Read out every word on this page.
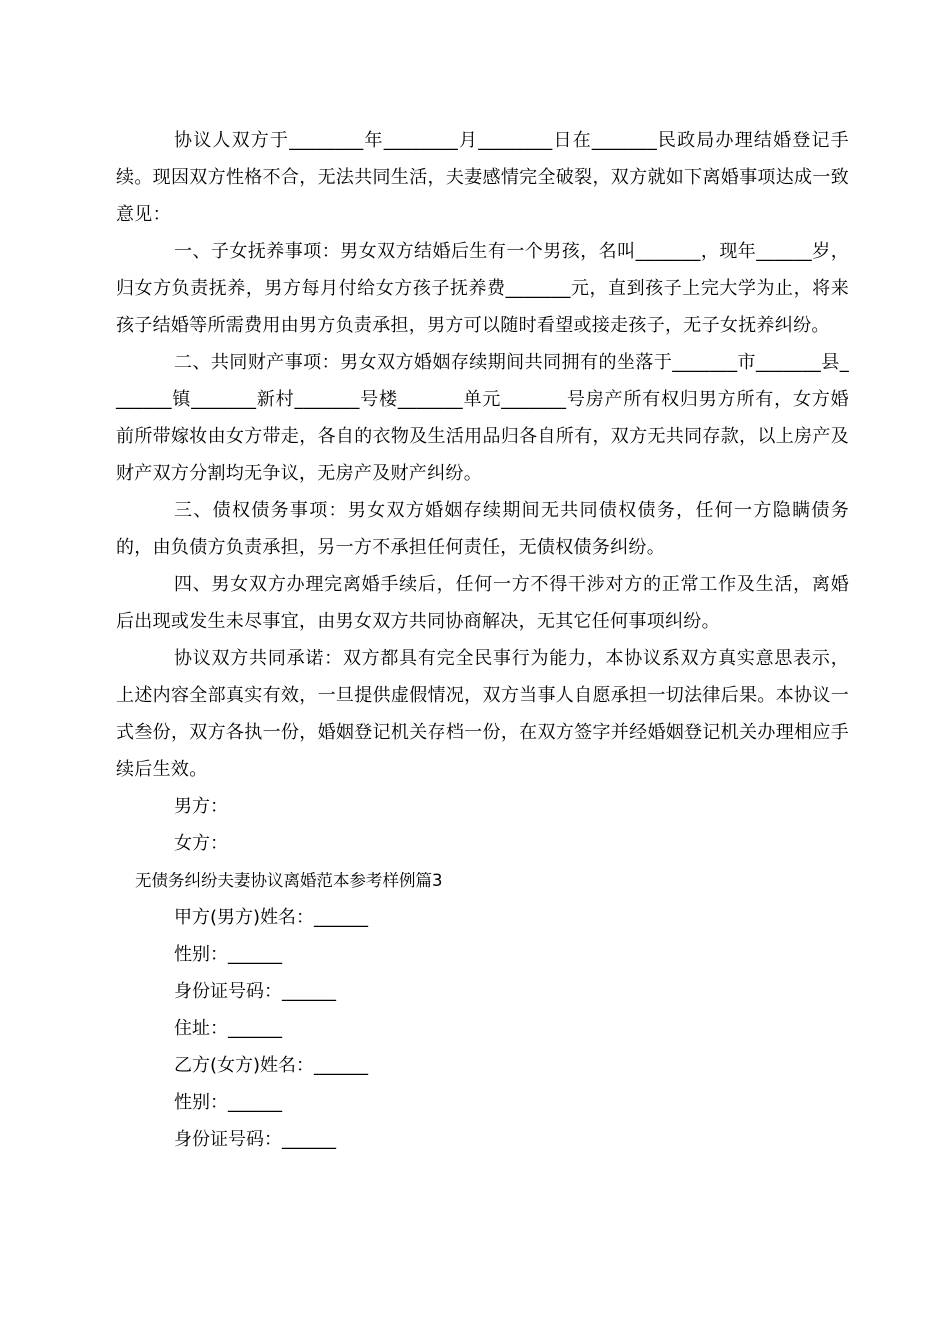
协议人双方于________年________月________日在_______民政局办理结婚登记手续。现因双方性格不合，无法共同生活，夫妻感情完全破裂，双方就如下离婚事项达成一致意见：

一、子女抚养事项：男女双方结婚后生有一个男孩，名叫_______，现年______岁，归女方负责抚养，男方每月付给女方孩子抚养费_______元，直到孩子上完大学为止，将来孩子结婚等所需费用由男方负责承担，男方可以随时看望或接走孩子，无子女抚养纠纷。

二、共同财产事项：男女双方婚姻存续期间共同拥有的坐落于_______市_______县_______镇_______新村_______号楼_______单元_______号房产所有权归男方所有，女方婚前所带嫁妆由女方带走，各自的衣物及生活用品归各自所有，双方无共同存款，以上房产及财产双方分割均无争议，无房产及财产纠纷。

三、债权债务事项：男女双方婚姻存续期间无共同债权债务，任何一方隐瞒债务的，由负债方负责承担，另一方不承担任何责任，无债权债务纠纷。

四、男女双方办理完离婚手续后，任何一方不得干涉对方的正常工作及生活，离婚后出现或发生未尽事宜，由男女双方共同协商解决，无其它任何事项纠纷。

协议双方共同承诺：双方都具有完全民事行为能力，本协议系双方真实意思表示，上述内容全部真实有效，一旦提供虚假情况，双方当事人自愿承担一切法律后果。本协议一式叁份，双方各执一份，婚姻登记机关存档一份，在双方签字并经婚姻登记机关办理相应手续后生效。

男方：

女方：

无债务纠纷夫妻协议离婚范本参考样例篇3

甲方(男方)姓名：______

性别：______

身份证号码：______

住址：______

乙方(女方)姓名：______

性别：______

身份证号码：______
